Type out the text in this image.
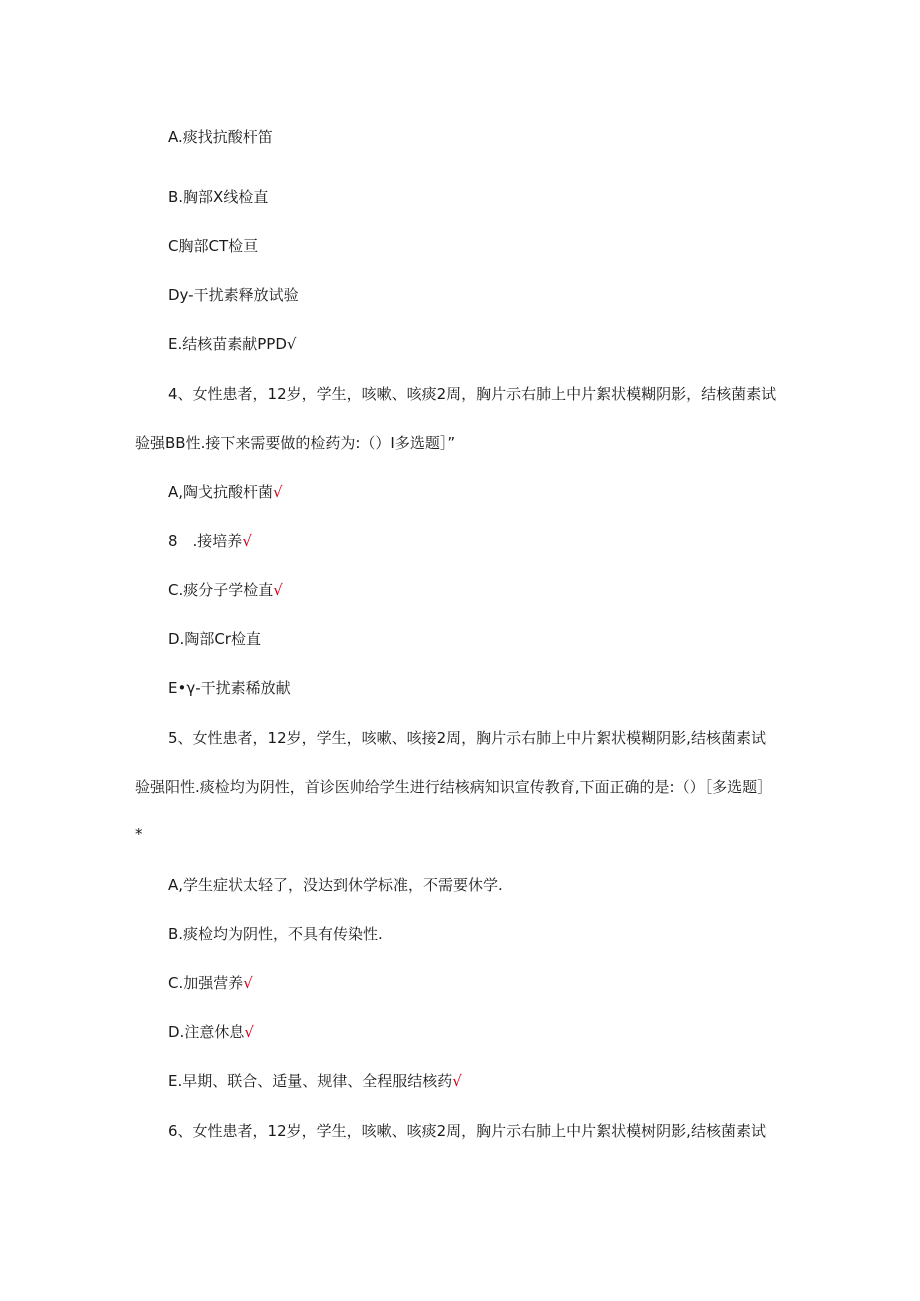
A.痰找抗酸杆笛
B.胸部X线检直
C胸部CT检亘
Dy-干扰素释放试验
E.结核苗素献PPD√
4、女性患者，12岁，学生，咳嗽、咳痰2周，胸片示右肺上中片絮状模糊阴影，结核菌素试
验强BB性.接下来需要做的检药为:（）I多选题］”
A,陶戈抗酸杆菌√
8 .接培养√
C.痰分子学检直√
D.陶部Cr检直
E•γ-干扰素稀放献
5、女性患者，12岁，学生，咳嗽、咳接2周，胸片示右肺上中片絮状模糊阴影,结核菌素试
验强阳性.痰检均为阴性，首诊医帅给学生进行结核病知识宣传教育,下面正确的是:（）［多选题］
*
A,学生症状太轻了，没达到休学标准，不需要休学.
B.痰检均为阴性，不具有传染性.
C.加强营养√
D.注意休息√
E.早期、联合、适量、规律、全程服结核药√
6、女性患者，12岁，学生，咳嗽、咳痰2周，胸片示右肺上中片絮状模树阴影,结核菌素试
